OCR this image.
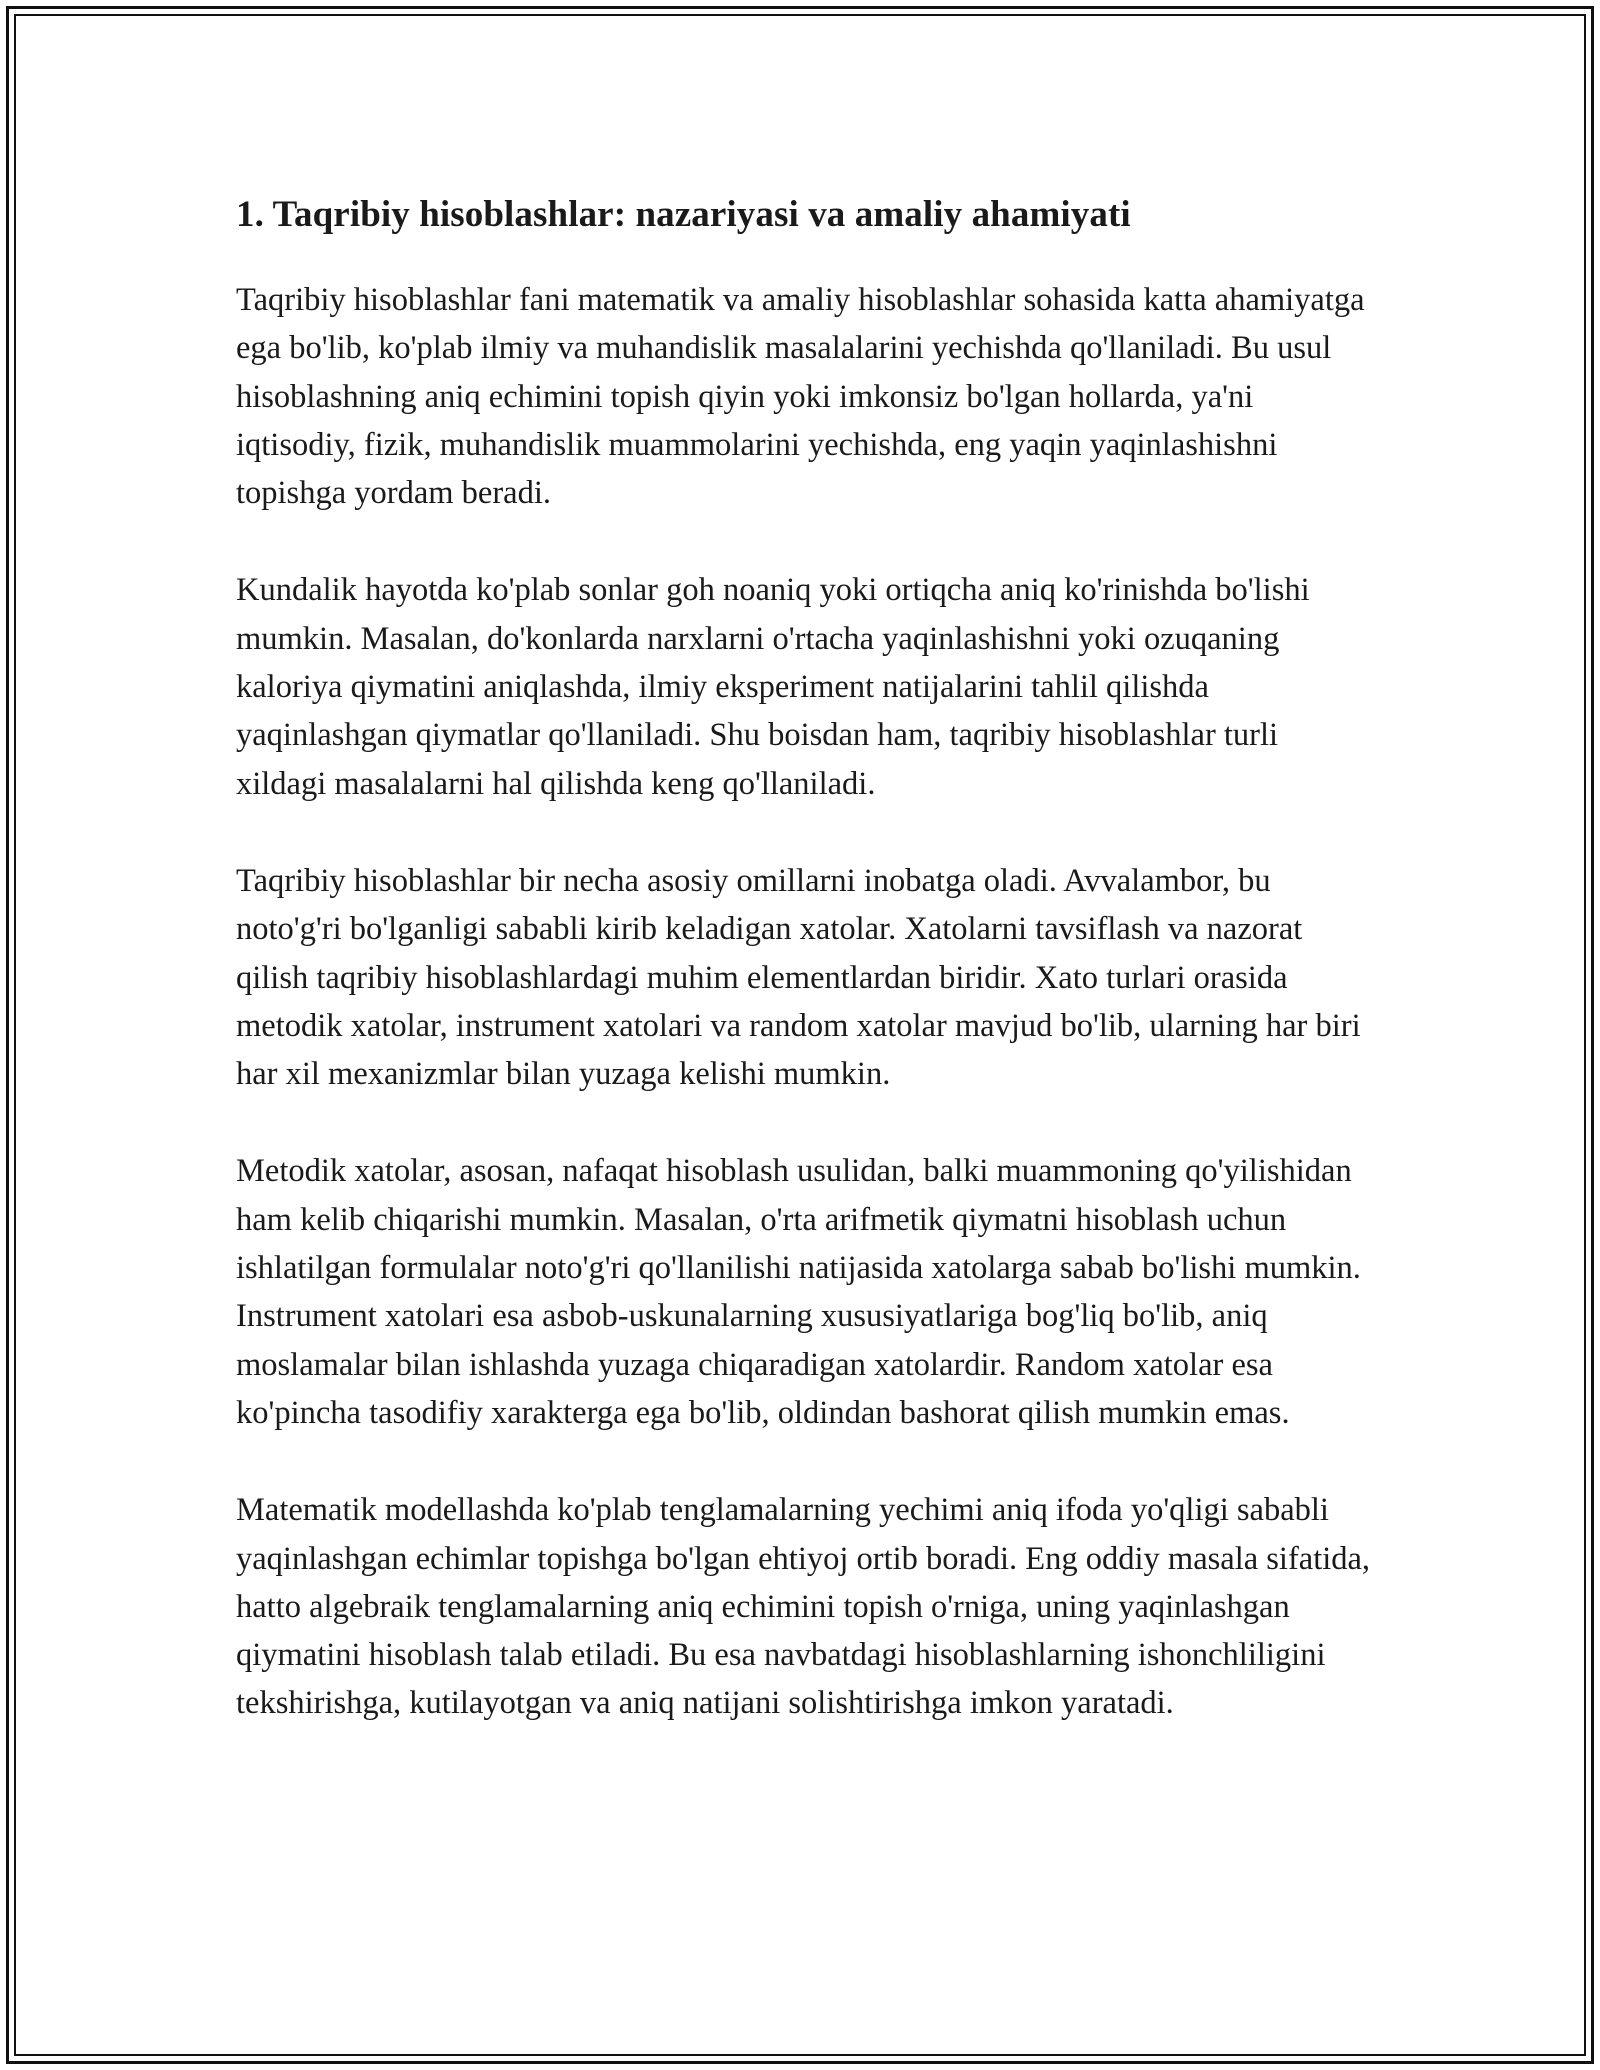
1. Taqribiy hisoblashlar: nazariyasi va amaliy ahamiyati

Taqribiy hisoblashlar fani matematik va amaliy hisoblashlar sohasida katta ahamiyatga ega bo'lib, ko'plab ilmiy va muhandislik masalalarini yechishda qo'llaniladi. Bu usul hisoblashning aniq echimini topish qiyin yoki imkonsiz bo'lgan hollarda, ya'ni iqtisodiy, fizik, muhandislik muammolarini yechishda, eng yaqin yaqinlashishni topishga yordam beradi.

Kundalik hayotda ko'plab sonlar goh noaniq yoki ortiqcha aniq ko'rinishda bo'lishi mumkin. Masalan, do'konlarda narxlarni o'rtacha yaqinlashishni yoki ozuqaning kaloriya qiymatini aniqlashda, ilmiy eksperiment natijalarini tahlil qilishda yaqinlashgan qiymatlar qo'llaniladi. Shu boisdan ham, taqribiy hisoblashlar turli xildagi masalalarni hal qilishda keng qo'llaniladi.

Taqribiy hisoblashlar bir necha asosiy omillarni inobatga oladi. Avvalambor, bu noto'g'ri bo'lganligi sababli kirib keladigan xatolar. Xatolarni tavsiflash va nazorat qilish taqribiy hisoblashlardagi muhim elementlardan biridir. Xato turlari orasida metodik xatolar, instrument xatolari va random xatolar mavjud bo'lib, ularning har biri har xil mexanizmlar bilan yuzaga kelishi mumkin.

Metodik xatolar, asosan, nafaqat hisoblash usulidan, balki muammoning qo'yilishidan ham kelib chiqarishi mumkin. Masalan, o'rta arifmetik qiymatni hisoblash uchun ishlatilgan formulalar noto'g'ri qo'llanilishi natijasida xatolarga sabab bo'lishi mumkin. Instrument xatolari esa asbob-uskunalarning xususiyatlariga bog'liq bo'lib, aniq moslamalar bilan ishlashda yuzaga chiqaradigan xatolardir. Random xatolar esa ko'pincha tasodifiy xarakterga ega bo'lib, oldindan bashorat qilish mumkin emas.

Matematik modellashda ko'plab tenglamalarning yechimi aniq ifoda yo'qligi sababli yaqinlashgan echimlar topishga bo'lgan ehtiyoj ortib boradi. Eng oddiy masala sifatida, hatto algebraik tenglamalarning aniq echimini topish o'rniga, uning yaqinlashgan qiymatini hisoblash talab etiladi. Bu esa navbatdagi hisoblashlarning ishonchliligini tekshirishga, kutilayotgan va aniq natijani solishtirishga imkon yaratadi.
